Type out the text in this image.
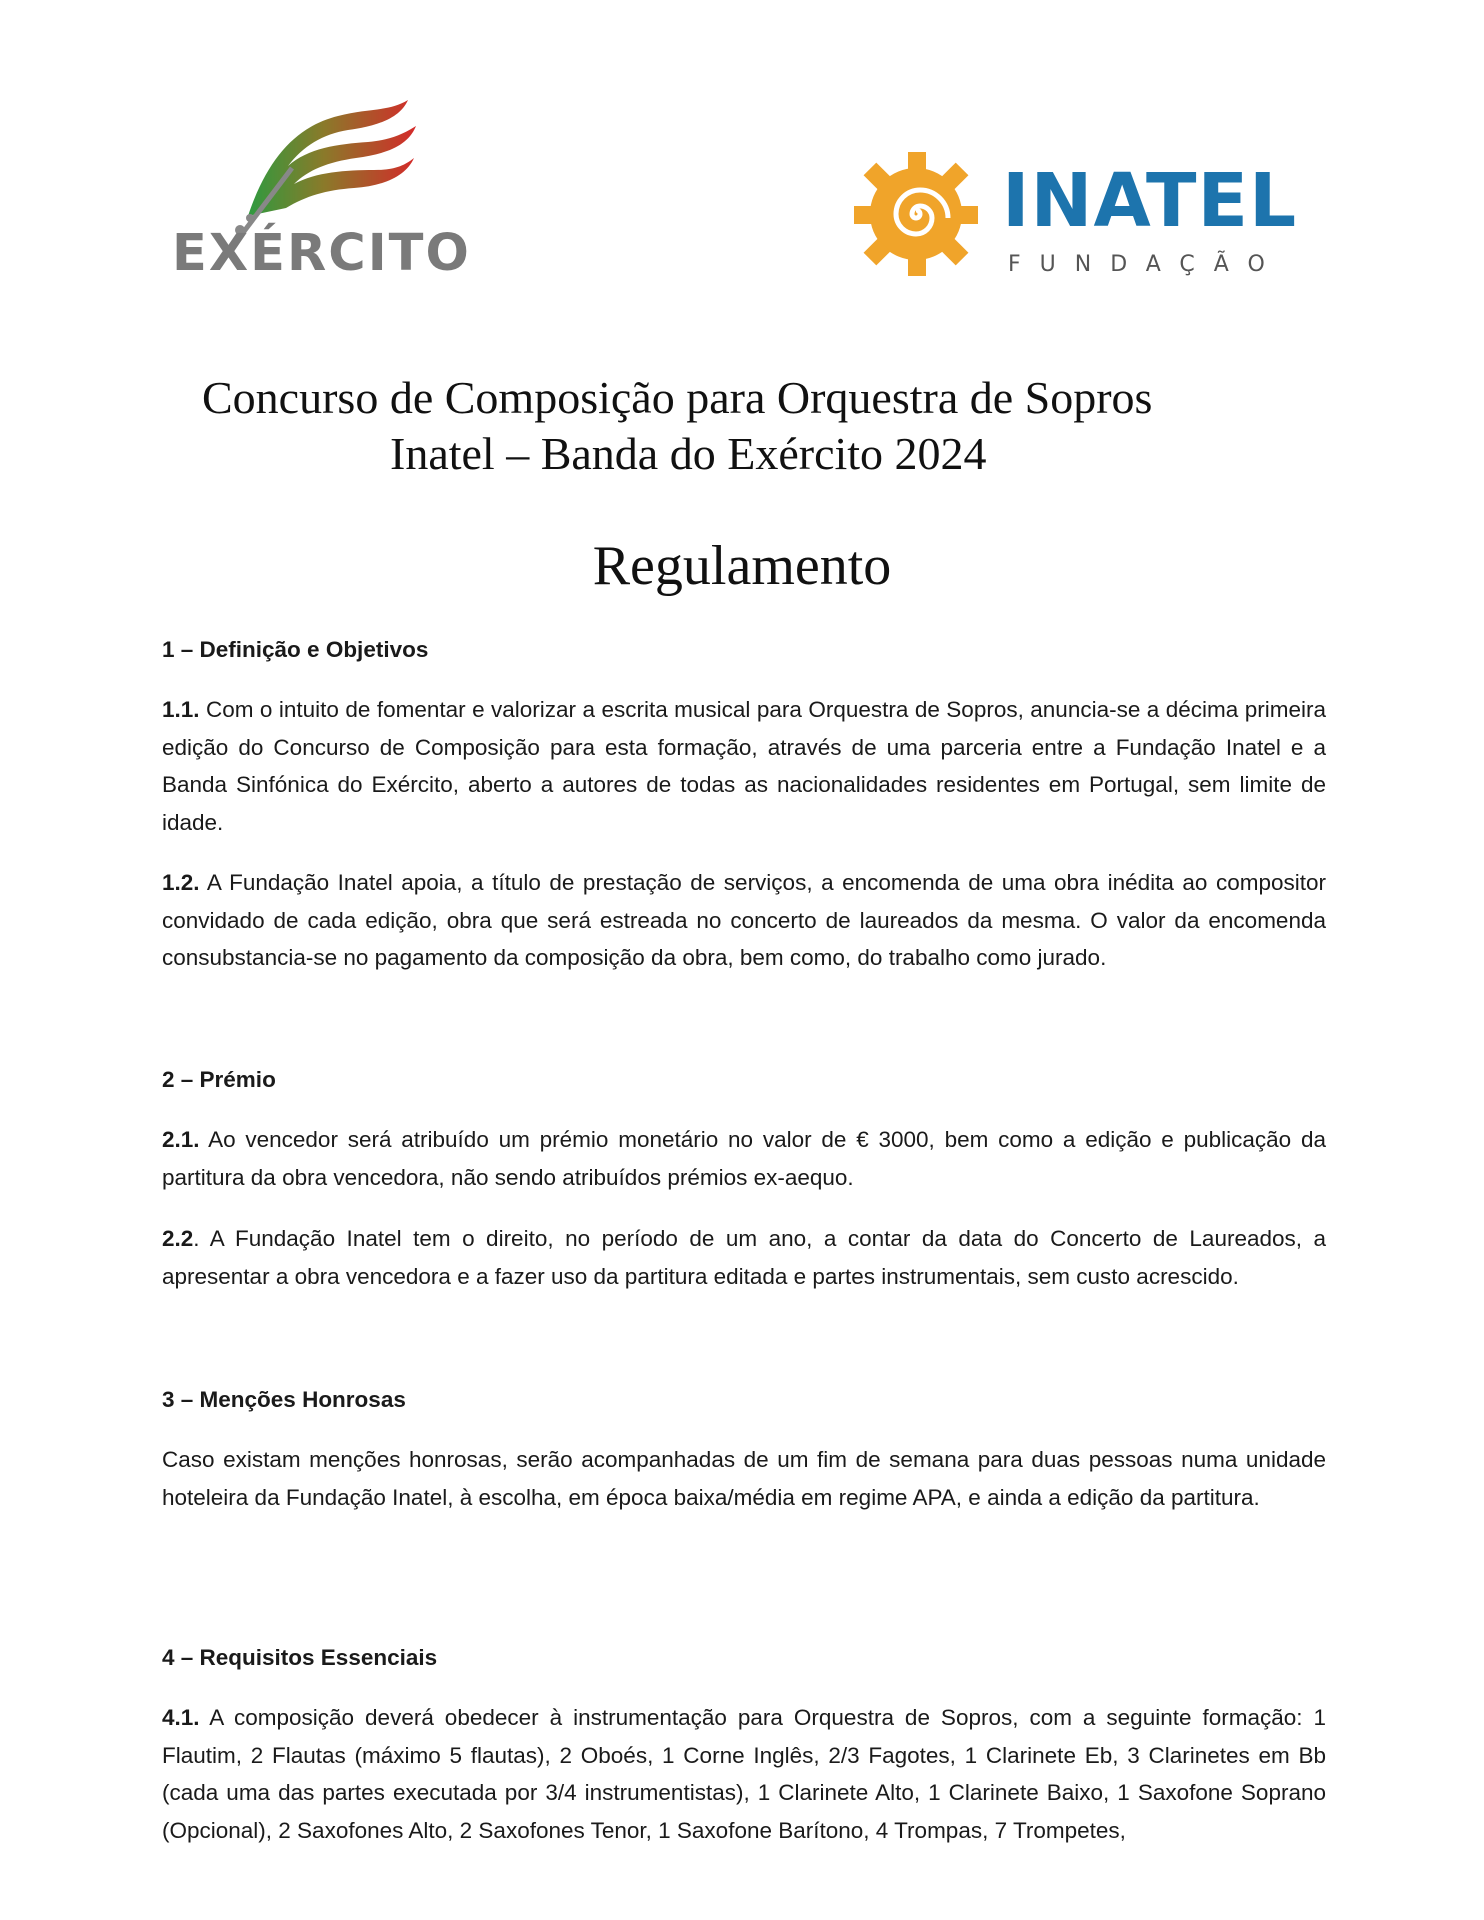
EXÉRCITO
INATEL
FUNDAÇÃO
Concurso de Composição para Orquestra de Sopros
Inatel – Banda do Exército 2024
Regulamento
1 – Definição e Objetivos
1.1. Com o intuito de fomentar e valorizar a escrita musical para Orquestra de Sopros, anuncia-se a décima primeira edição do Concurso de Composição para esta formação, através de uma parceria entre a Fundação Inatel e a Banda Sinfónica do Exército, aberto a autores de todas as nacionalidades residentes em Portugal, sem limite de idade.
1.2. A Fundação Inatel apoia, a título de prestação de serviços, a encomenda de uma obra inédita ao compositor convidado de cada edição, obra que será estreada no concerto de laureados da mesma. O valor da encomenda consubstancia-se no pagamento da composição da obra, bem como, do trabalho como jurado.
2 – Prémio
2.1. Ao vencedor será atribuído um prémio monetário no valor de € 3000, bem como a edição e publicação da partitura da obra vencedora, não sendo atribuídos prémios ex-aequo.
2.2. A Fundação Inatel tem o direito, no período de um ano, a contar da data do Concerto de Laureados, a apresentar a obra vencedora e a fazer uso da partitura editada e partes instrumentais, sem custo acrescido.
3 – Menções Honrosas
Caso existam menções honrosas, serão acompanhadas de um fim de semana para duas pessoas numa unidade hoteleira da Fundação Inatel, à escolha, em época baixa/média em regime APA, e ainda a edição da partitura.
4 – Requisitos Essenciais
4.1. A composição deverá obedecer à instrumentação para Orquestra de Sopros, com a seguinte formação: 1 Flautim, 2 Flautas (máximo 5 flautas), 2 Oboés, 1 Corne Inglês, 2/3 Fagotes, 1 Clarinete Eb, 3 Clarinetes em Bb (cada uma das partes executada por 3/4 instrumentistas), 1 Clarinete Alto, 1 Clarinete Baixo, 1 Saxofone Soprano (Opcional), 2 Saxofones Alto, 2 Saxofones Tenor, 1 Saxofone Barítono, 4 Trompas, 7 Trompetes,
